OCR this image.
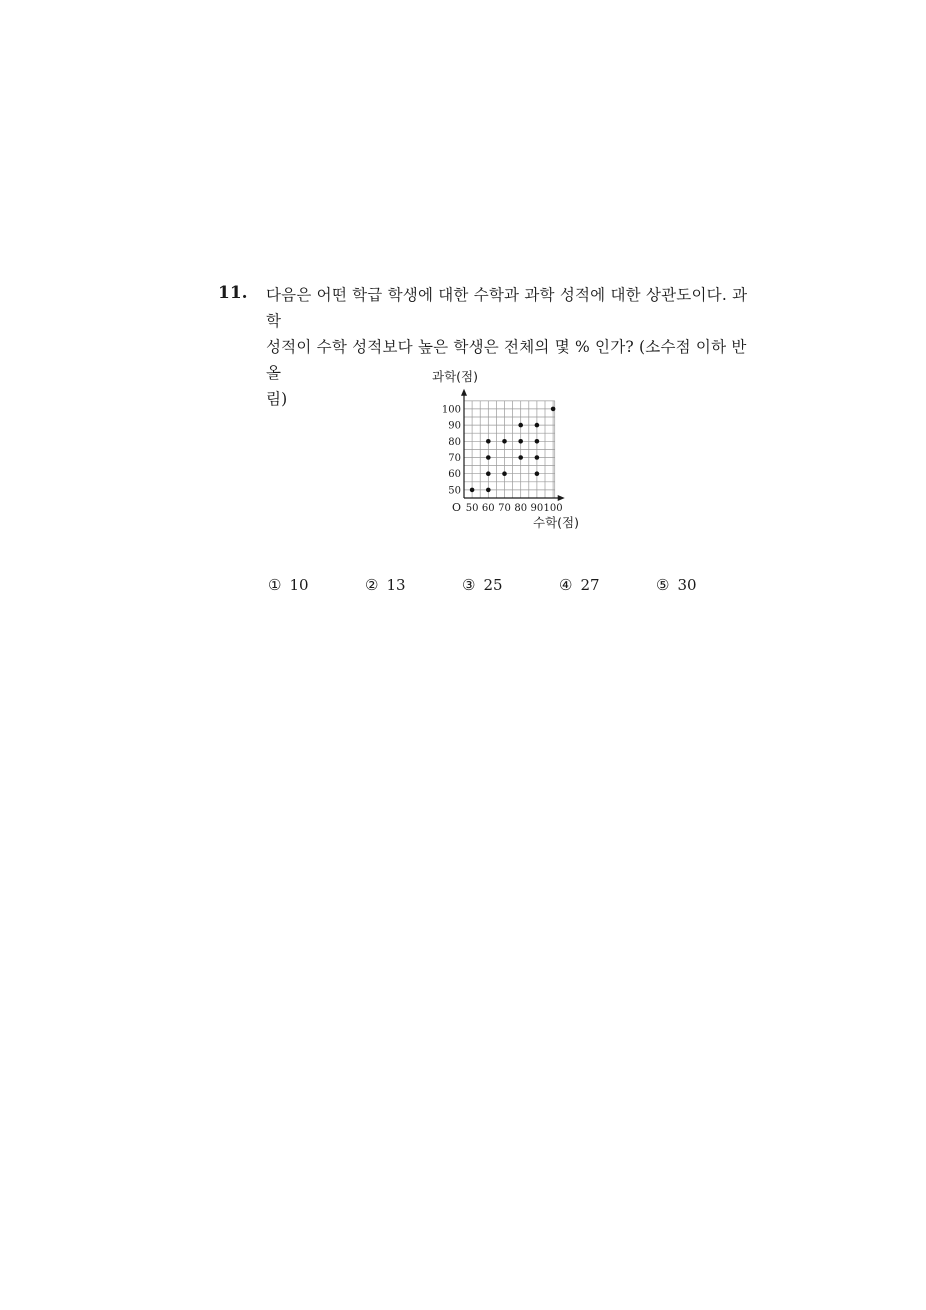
11. 다음은 어떤 학급 학생에 대한 수학과 과학 성적에 대한 상관도이다. 과학
성적이 수학 성적보다 높은 학생은 전체의 몇 % 인가? (소수점 이하 반올
림)
과학(점)
수학(점)
O 50 60 70 80 90 100
50
60
70
80
90
100
① 10	② 13	③ 25	④ 27	⑤ 30
